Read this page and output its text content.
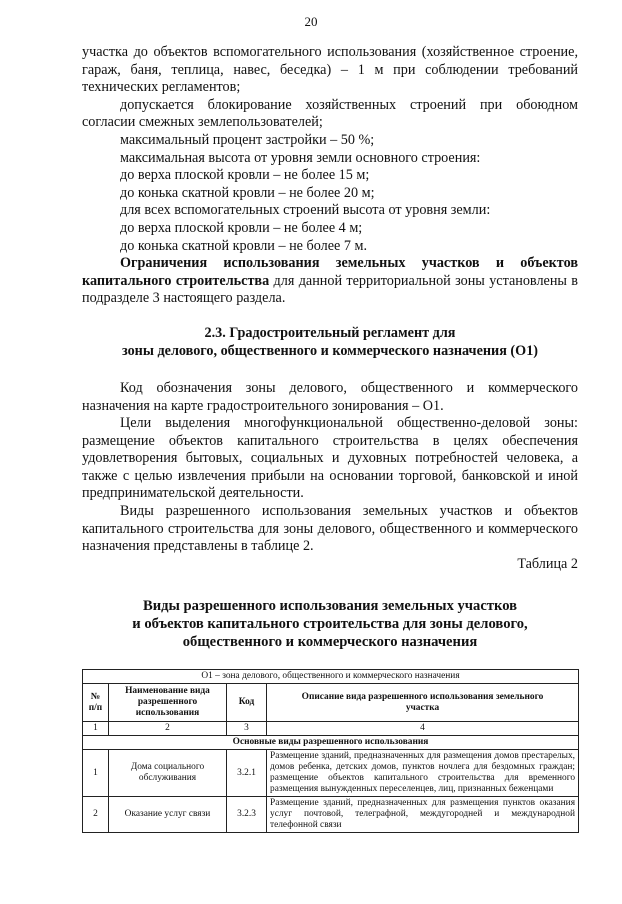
20

участка до объектов вспомогательного использования (хозяйственное строение, гараж, баня, теплица, навес, беседка) – 1 м при соблюдении требований технических регламентов;

допускается блокирование хозяйственных строений при обоюдном согласии смежных землепользователей;

максимальный процент застройки – 50 %;

максимальная высота от уровня земли основного строения:

до верха плоской кровли – не более 15 м;

до конька скатной кровли – не более 20 м;

для всех вспомогательных строений высота от уровня земли:

до верха плоской кровли – не более 4 м;

до конька скатной кровли – не более 7 м.

Ограничения использования земельных участков и объектов капитального строительства для данной территориальной зоны установлены в подразделе 3 настоящего раздела.

2.3. Градостроительный регламент для
зоны делового, общественного и коммерческого назначения (О1)

Код обозначения зоны делового, общественного и коммерческого назначения на карте градостроительного зонирования – О1.

Цели выделения многофункциональной общественно-деловой зоны: размещение объектов капитального строительства в целях обеспечения удовлетворения бытовых, социальных и духовных потребностей человека, а также с целью извлечения прибыли на основании торговой, банковской и иной предпринимательской деятельности.

Виды разрешенного использования земельных участков и объектов капитального строительства для зоны делового, общественного и коммерческого назначения представлены в таблице 2.

Таблица 2

Виды разрешенного использования земельных участков
и объектов капитального строительства для зоны делового,
общественного и коммерческого назначения
О1 – зона делового, общественного и коммерческого назначения			
№ п/п	Наименование вида разрешенного использования	Код	Описание вида разрешенного использования земельного участка
1	2	3	4
Основные виды разрешенного использования			
1	Дома социального обслуживания	3.2.1	Размещение зданий, предназначенных для размещения домов престарелых, домов ребенка, детских домов, пунктов ночлега для бездомных граждан; размещение объектов капитального строительства для временного размещения вынужденных переселенцев, лиц, признанных беженцами
2	Оказание услуг связи	3.2.3	Размещение зданий, предназначенных для размещения пунктов оказания услуг почтовой, телеграфной, междугородней и международной телефонной связи
